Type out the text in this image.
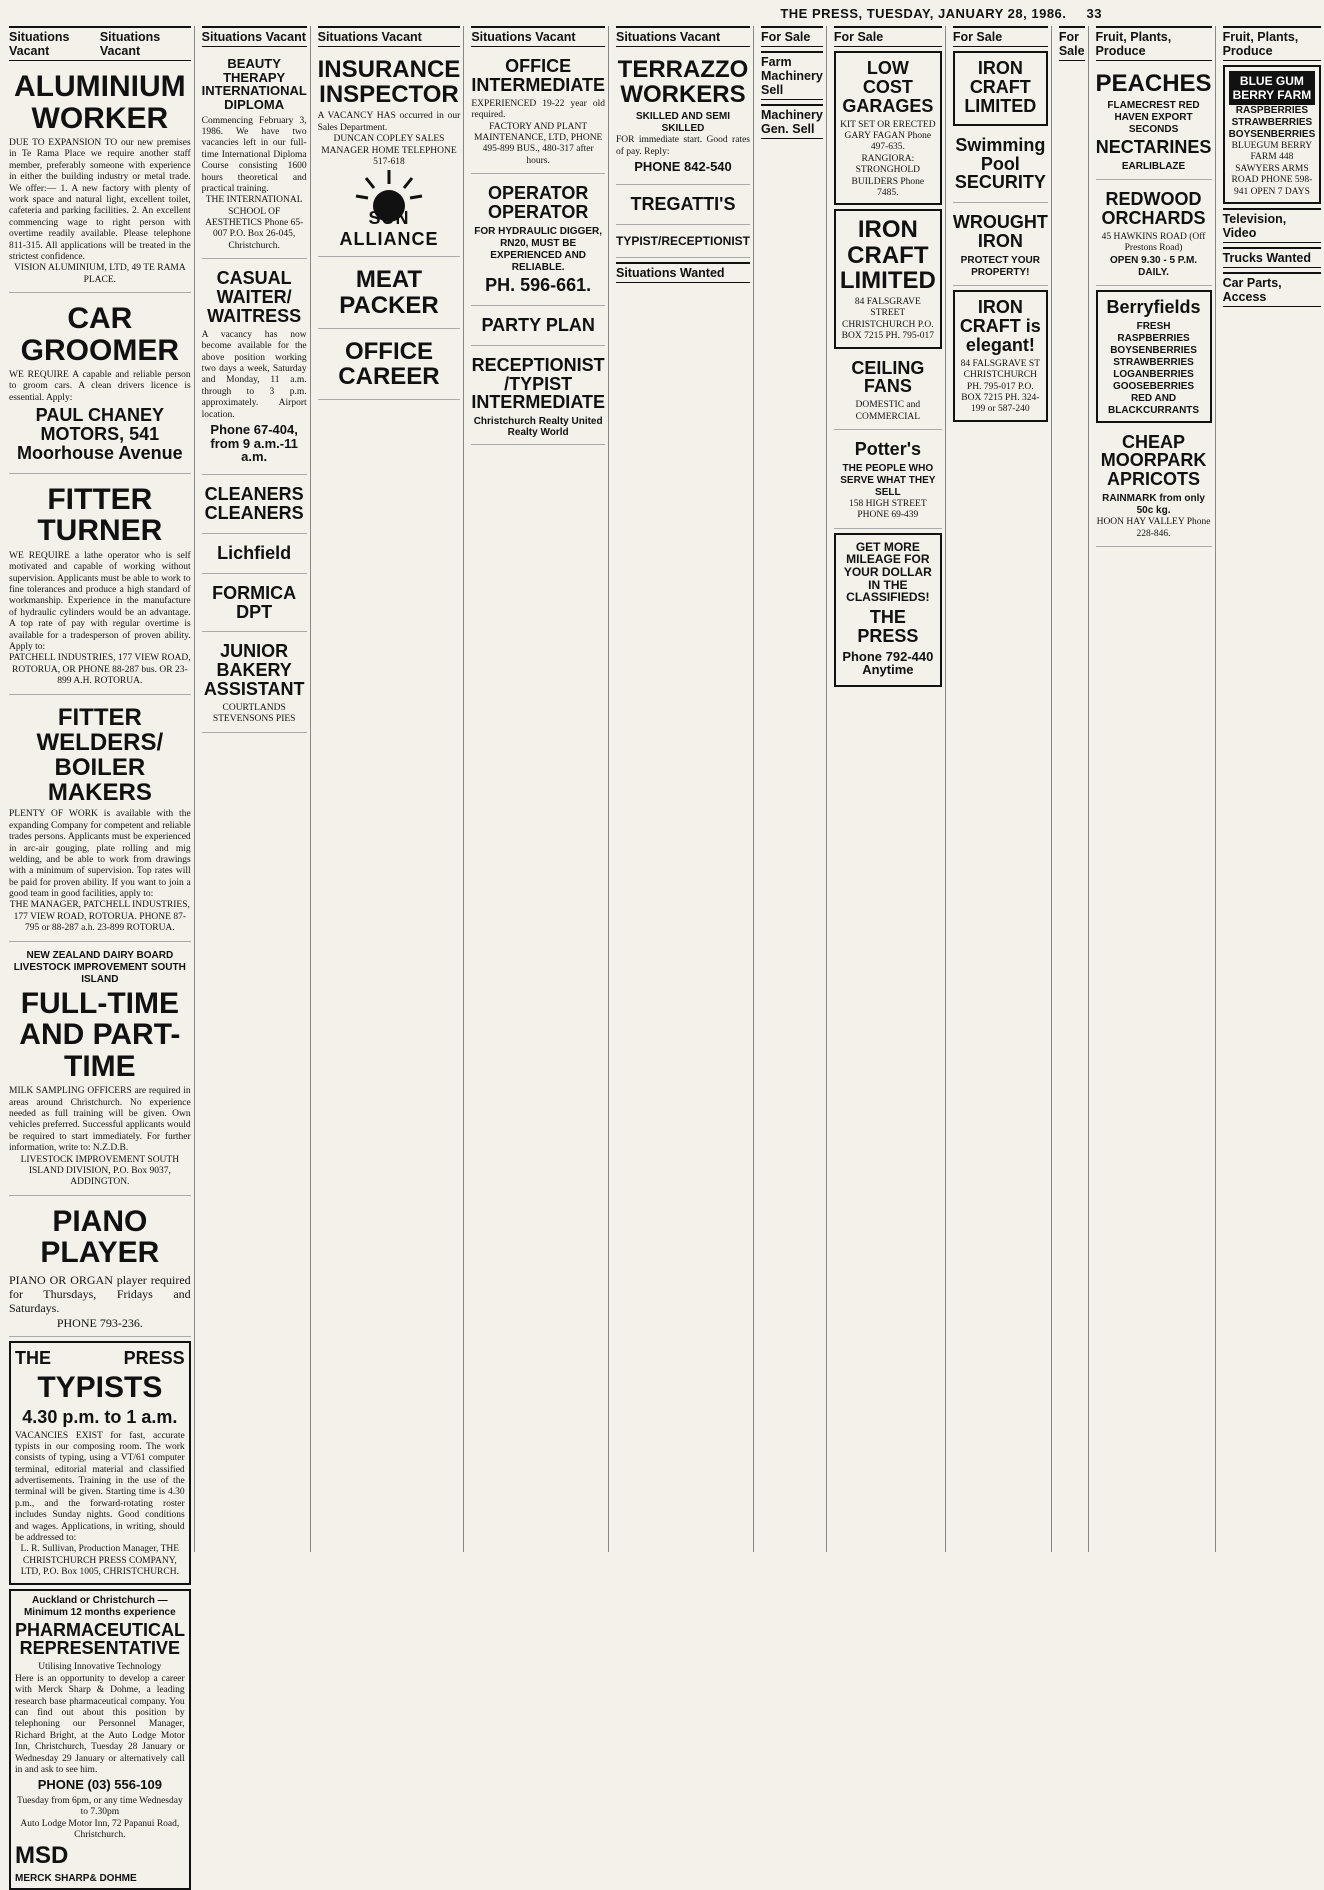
THE PRESS, TUESDAY, JANUARY 28, 1986. 33
Situations Vacant
Situations Vacant
ALUMINIUM WORKER
DUE TO EXPANSION TO our new premises in Te Rama Place we require another staff member, preferably someone with experience in either the building industry or metal trade. We offer:— 1. A new factory with plenty of work space and natural light, excellent toilet, cafeteria and parking facilities. 2. An excellent commencing wage to right person with overtime readily available. Please telephone 811-315. All applications will be treated in the strictest confidence.
VISION ALUMINIUM, LTD, 49 TE RAMA PLACE.
CAR GROOMER
WE REQUIRE A capable and reliable person to groom cars. A clean drivers licence is essential. Apply:
PAUL CHANEY MOTORS, 541 Moorhouse Avenue
FITTER TURNER
WE REQUIRE a lathe operator who is self motivated and capable of working without supervision. Applicants must be able to work to fine tolerances and produce a high standard of workmanship. Experience in the manufacture of hydraulic cylinders would be an advantage. A top rate of pay with regular overtime is available for a tradesperson of proven ability. Apply to:
PATCHELL INDUSTRIES, 177 VIEW ROAD, ROTORUA, OR PHONE 88-287 bus. OR 23-899 A.H. ROTORUA.
FITTER WELDERS/ BOILER MAKERS
PLENTY OF WORK is available with the expanding Company for competent and reliable trades persons. Applicants must be experienced in arc-air gouging, plate rolling and mig welding, and be able to work from drawings with a minimum of supervision. Top rates will be paid for proven ability. If you want to join a good team in good facilities, apply to:
THE MANAGER, PATCHELL INDUSTRIES, 177 VIEW ROAD, ROTORUA. PHONE 87-795 or 88-287 a.h. 23-899 ROTORUA.
NEW ZEALAND DAIRY BOARD LIVESTOCK IMPROVEMENT SOUTH ISLAND
FULL-TIME AND PART-TIME
MILK SAMPLING OFFICERS are required in areas around Christchurch. No experience needed as full training will be given. Own vehicles preferred. Successful applicants would be required to start immediately. For further information, write to: N.Z.D.B.
LIVESTOCK IMPROVEMENT SOUTH ISLAND DIVISION, P.O. Box 9037, ADDINGTON.
PIANO PLAYER
PIANO OR ORGAN player required for Thursdays, Fridays and Saturdays.
PHONE 793-236.
THE	PRESS
TYPISTS
4.30 p.m. to 1 a.m.
VACANCIES EXIST for fast, accurate typists in our composing room. The work consists of typing, using a VT/61 computer terminal, editorial material and classified advertisements. Training in the use of the terminal will be given. Starting time is 4.30 p.m., and the forward-rotating roster includes Sunday nights. Good conditions and wages. Applications, in writing, should be addressed to:
L. R. Sullivan, Production Manager, THE CHRISTCHURCH PRESS COMPANY, LTD, P.O. Box 1005, CHRISTCHURCH.
Auckland or Christchurch — Minimum 12 months experience
PHARMACEUTICAL REPRESENTATIVE
Utilising Innovative Technology
Here is an opportunity to develop a career with Merck Sharp & Dohme, a leading research base pharmaceutical company. You can find out about this position by telephoning our Personnel Manager, Richard Bright, at the Auto Lodge Motor Inn, Christchurch, Tuesday 28 January or Wednesday 29 January or alternatively call in and ask to see him.
PHONE (03) 556-109
Tuesday from 6pm, or any time Wednesday to 7.30pm
Auto Lodge Motor Inn, 72 Papanui Road, Christchurch.
MSD
MERCK SHARP& DOHME
Situations Vacant
BEAUTY THERAPY INTERNATIONAL DIPLOMA
Commencing February 3, 1986. We have two vacancies left in our full-time International Diploma Course consisting 1600 hours theoretical and practical training.
THE INTERNATIONAL SCHOOL OF AESTHETICS Phone 65-007 P.O. Box 26-045, Christchurch.
CASUAL WAITER/ WAITRESS
A vacancy has now become available for the above position working two days a week, Saturday and Monday, 11 a.m. through to 3 p.m. approximately. Airport location.
Phone 67-404, from 9 a.m.-11 a.m.
CLEANERS CLEANERS
Lichfield
FORMICA DPT
JUNIOR BAKERY ASSISTANT
COURTLANDS STEVENSONS PIES
Situations Vacant
INSURANCE INSPECTOR
A VACANCY HAS occurred in our Sales Department.
DUNCAN COPLEY SALES MANAGER HOME TELEPHONE 517-618
SUN ALLIANCE
MEAT PACKER
OFFICE CAREER
Situations Vacant
OFFICE INTERMEDIATE
EXPERIENCED 19-22 year old required.
FACTORY AND PLANT MAINTENANCE, LTD, PHONE 495-899 BUS., 480-317 after hours.
OPERATOR OPERATOR
FOR HYDRAULIC DIGGER, RN20, MUST BE EXPERIENCED AND RELIABLE.
PH. 596-661.
PARTY PLAN
RECEPTIONIST /TYPIST INTERMEDIATE
Christchurch Realty United Realty World
Situations Vacant
TERRAZZO WORKERS
SKILLED AND SEMI SKILLED
FOR immediate start. Good rates of pay. Reply:
PHONE 842-540
TREGATTI'S
TYPIST/RECEPTIONIST
Situations Wanted
For Sale
Farm Machinery Sell
Machinery Gen. Sell
For Sale
LOW COST GARAGES
KIT SET OR ERECTED
GARY FAGAN Phone 497-635.
RANGIORA: STRONGHOLD BUILDERS Phone 7485.
IRON CRAFT LIMITED
84 FALSGRAVE STREET CHRISTCHURCH P.O. BOX 7215 PH. 795-017
CEILING FANS
DOMESTIC and COMMERCIAL
Potter's
THE PEOPLE WHO SERVE WHAT THEY SELL
158 HIGH STREET PHONE 69-439
GET MORE MILEAGE FOR YOUR DOLLAR IN THE CLASSIFIEDS!
THE PRESS
Phone 792-440 Anytime
For Sale
IRON CRAFT LIMITED
Swimming Pool SECURITY
WROUGHT IRON
PROTECT YOUR PROPERTY!
IRON CRAFT is elegant!
84 FALSGRAVE ST CHRISTCHURCH PH. 795-017 P.O. BOX 7215 PH. 324-199 or 587-240
For Sale
Fruit, Plants, Produce
PEACHES
FLAMECREST RED HAVEN EXPORT SECONDS
NECTARINES
EARLIBLAZE
REDWOOD ORCHARDS
45 HAWKINS ROAD (Off Prestons Road)
OPEN 9.30 - 5 P.M. DAILY.
Berryfields
FRESH RASPBERRIES BOYSENBERRIES STRAWBERRIES LOGANBERRIES GOOSEBERRIES RED AND BLACKCURRANTS
CHEAP MOORPARK APRICOTS
RAINMARK from only 50c kg.
HOON HAY VALLEY Phone 228-846.
Fruit, Plants, Produce
BLUE GUM BERRY FARM
RASPBERRIES STRAWBERRIES BOYSENBERRIES
BLUEGUM BERRY FARM 448 SAWYERS ARMS ROAD PHONE 598-941 OPEN 7 DAYS
Television, Video
Trucks Wanted
Car Parts, Access
